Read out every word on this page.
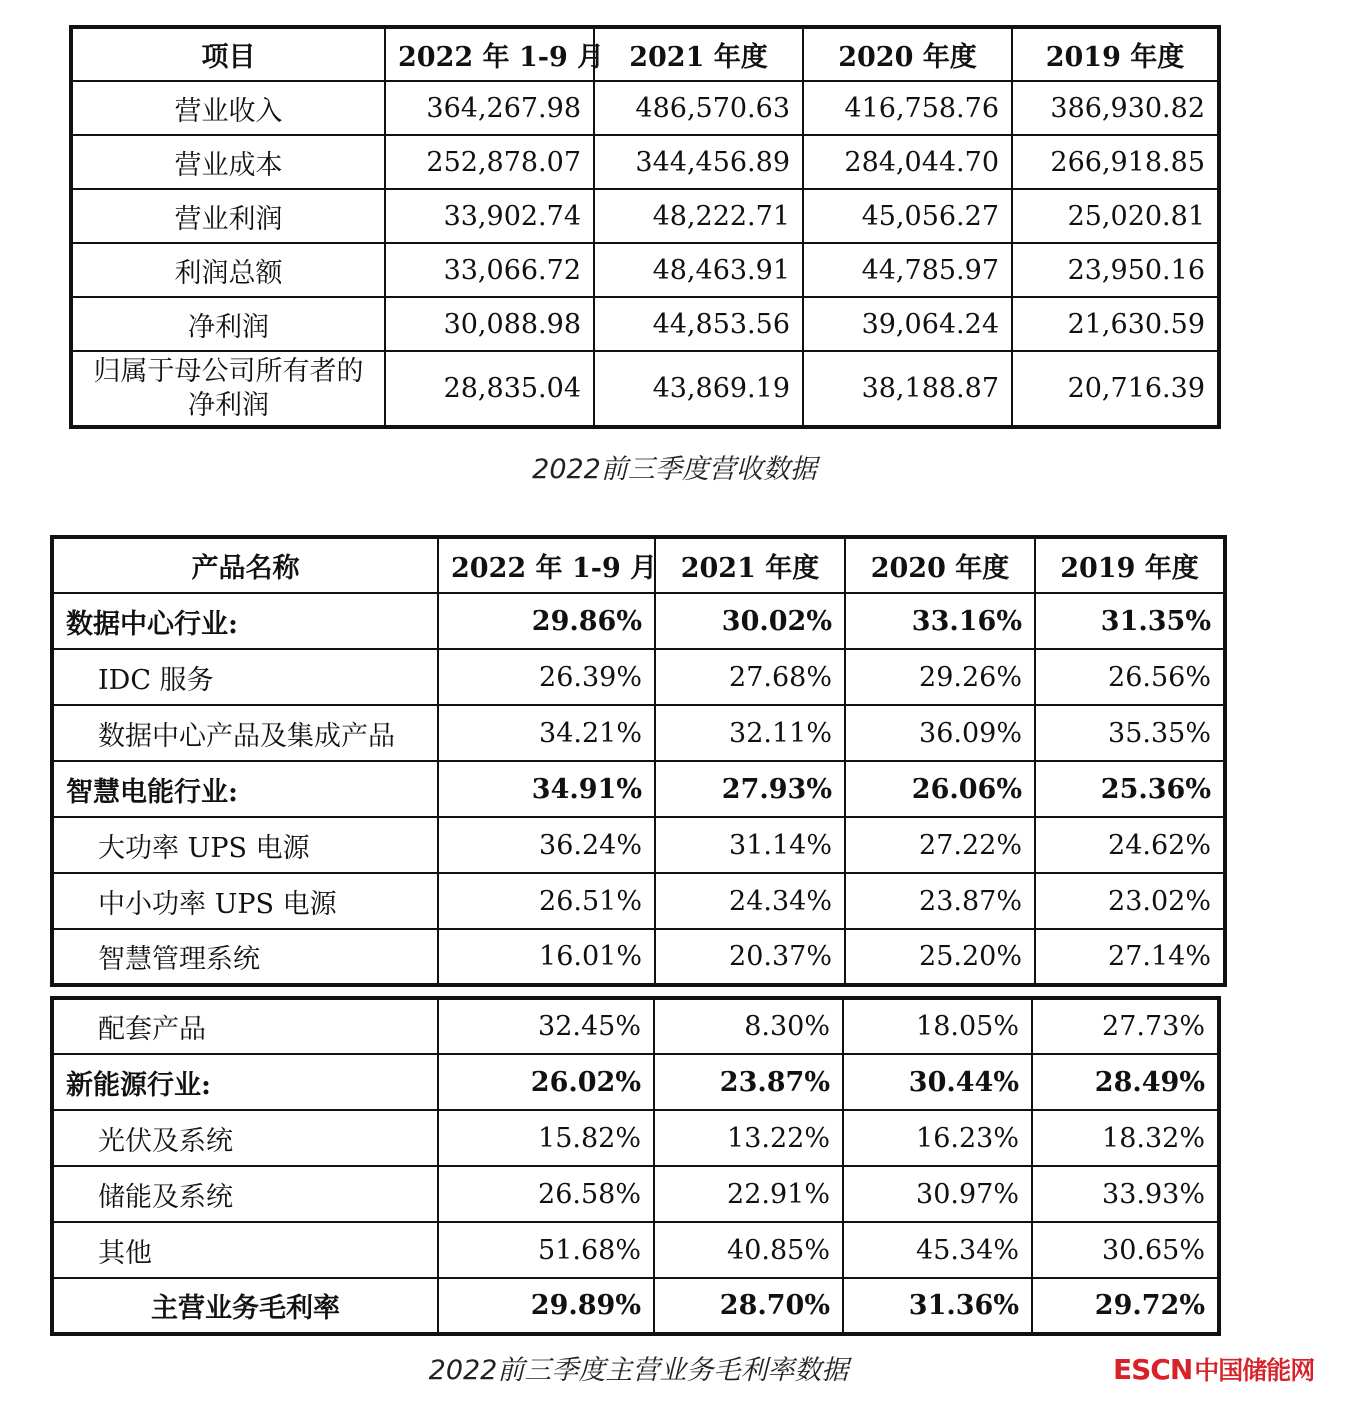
项目	2022 年 1-9 月	2021 年度	2020 年度	2019 年度
营业收入	364,267.98	486,570.63	416,758.76	386,930.82
营业成本	252,878.07	344,456.89	284,044.70	266,918.85
营业利润	33,902.74	48,222.71	45,056.27	25,020.81
利润总额	33,066.72	48,463.91	44,785.97	23,950.16
净利润	30,088.98	44,853.56	39,064.24	21,630.59
归属于母公司所有者的净利润	28,835.04	43,869.19	38,188.87	20,716.39
2022前三季度营收数据
产品名称	2022 年 1-9 月	2021 年度	2020 年度	2019 年度
数据中心行业:	29.86%	30.02%	33.16%	31.35%
IDC 服务	26.39%	27.68%	29.26%	26.56%
数据中心产品及集成产品	34.21%	32.11%	36.09%	35.35%
智慧电能行业:	34.91%	27.93%	26.06%	25.36%
大功率 UPS 电源	36.24%	31.14%	27.22%	24.62%
中小功率 UPS 电源	26.51%	24.34%	23.87%	23.02%
智慧管理系统	16.01%	20.37%	25.20%	27.14%
配套产品	32.45%	8.30%	18.05%	27.73%
新能源行业:	26.02%	23.87%	30.44%	28.49%
光伏及系统	15.82%	13.22%	16.23%	18.32%
储能及系统	26.58%	22.91%	30.97%	33.93%
其他	51.68%	40.85%	45.34%	30.65%
主营业务毛利率	29.89%	28.70%	31.36%	29.72%
2022前三季度主营业务毛利率数据	ESCN中国储能网
